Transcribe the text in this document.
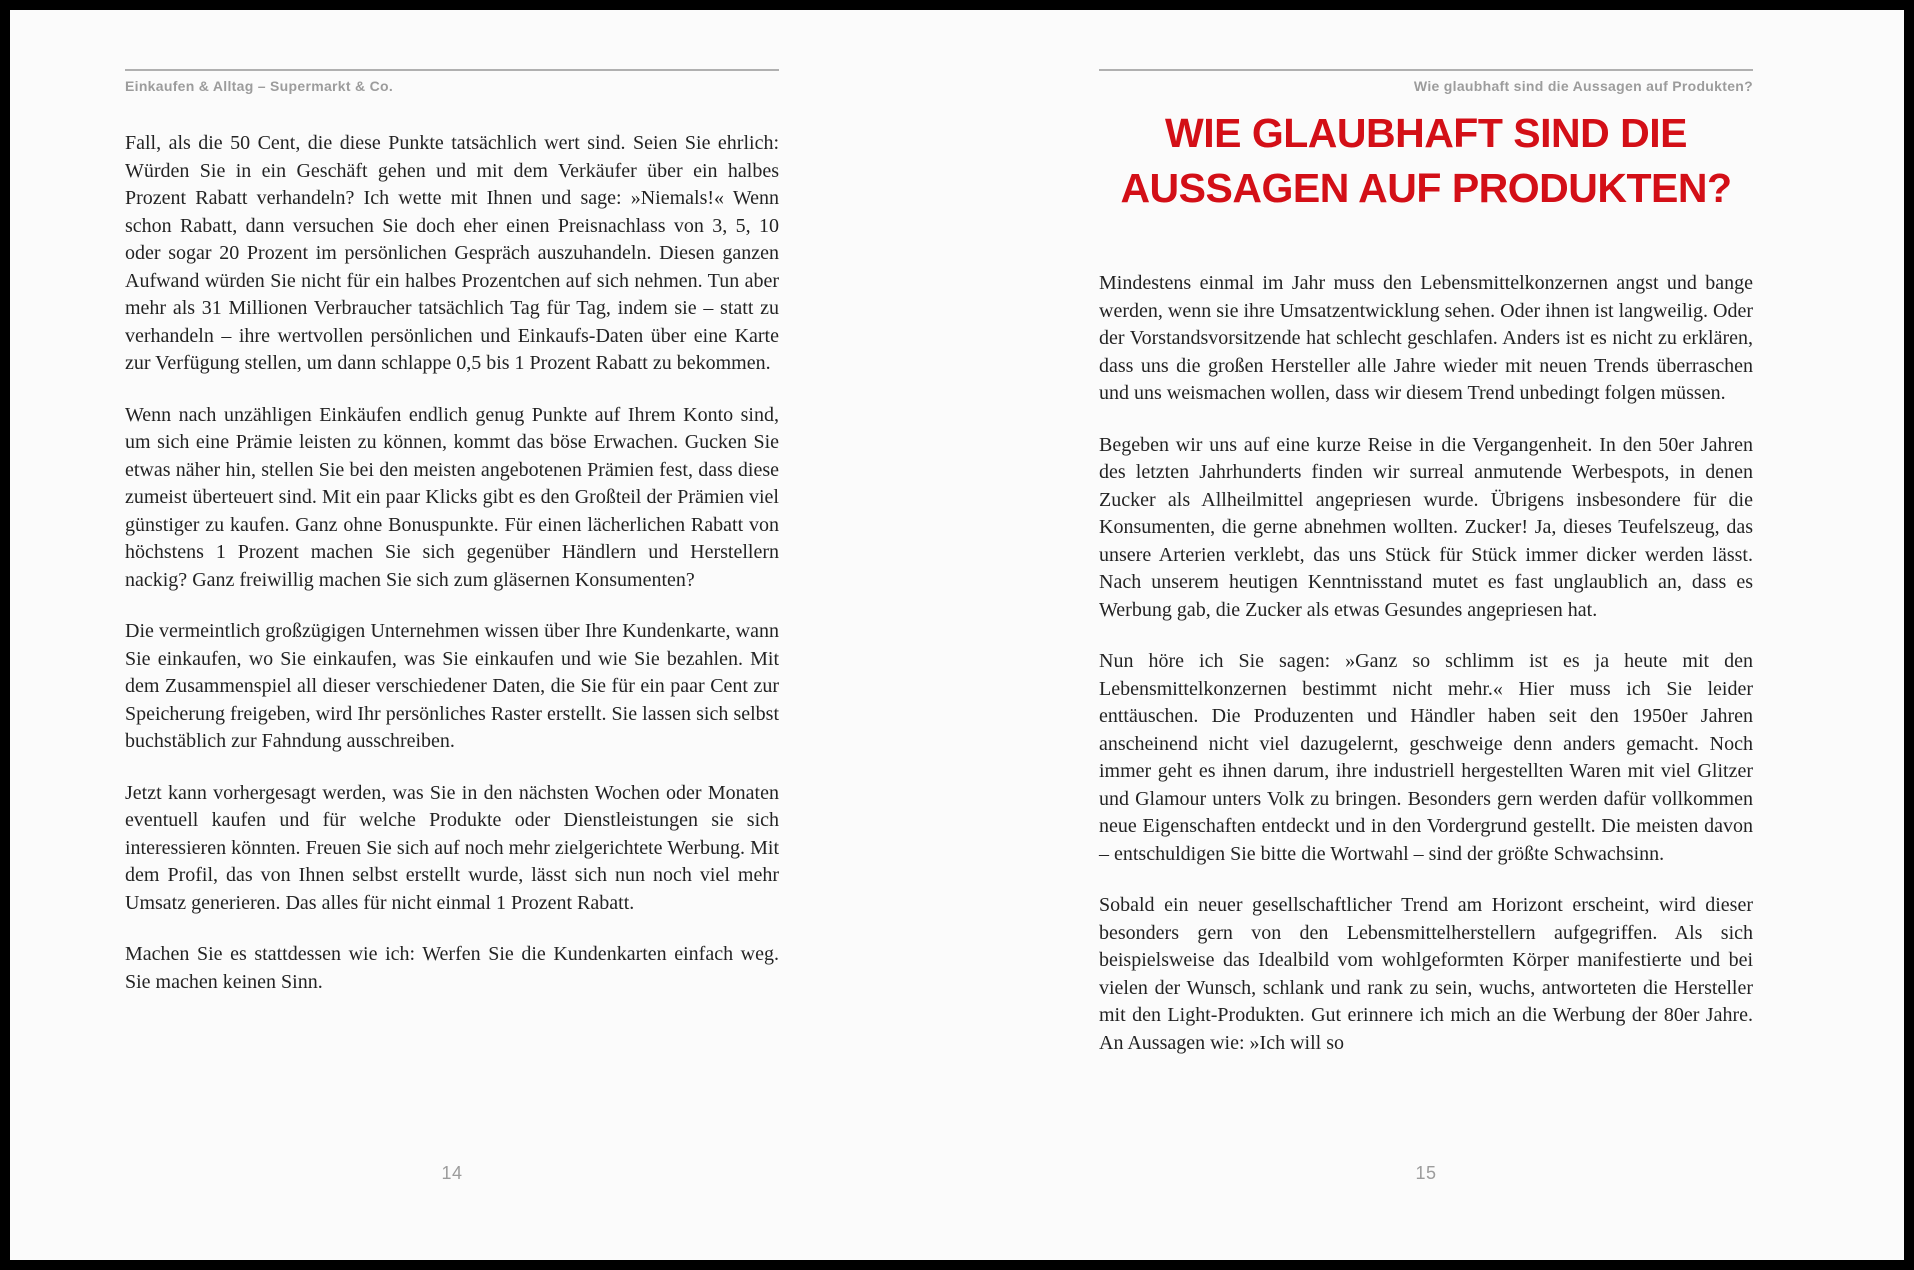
Einkaufen & Alltag – Supermarkt & Co.

Fall, als die 50 Cent, die diese Punkte tatsächlich wert sind. Seien Sie ehrlich: Würden Sie in ein Geschäft gehen und mit dem Verkäufer über ein halbes Prozent Rabatt verhandeln? Ich wette mit Ihnen und sage: »Niemals!« Wenn schon Rabatt, dann versuchen Sie doch eher einen Preisnachlass von 3, 5, 10 oder sogar 20 Prozent im persönlichen Gespräch auszuhandeln. Diesen ganzen Aufwand würden Sie nicht für ein halbes Prozentchen auf sich nehmen. Tun aber mehr als 31 Millionen Verbraucher tatsächlich Tag für Tag, indem sie – statt zu verhandeln – ihre wertvollen persönlichen und Einkaufs-Daten über eine Karte zur Verfügung stellen, um dann schlappe 0,5 bis 1 Prozent Rabatt zu bekommen.

Wenn nach unzähligen Einkäufen endlich genug Punkte auf Ihrem Konto sind, um sich eine Prämie leisten zu können, kommt das böse Erwachen. Gucken Sie etwas näher hin, stellen Sie bei den meisten angebotenen Prämien fest, dass diese zumeist überteuert sind. Mit ein paar Klicks gibt es den Großteil der Prämien viel günstiger zu kaufen. Ganz ohne Bonuspunkte. Für einen lächerlichen Rabatt von höchstens 1 Prozent machen Sie sich gegenüber Händlern und Herstellern nackig? Ganz freiwillig machen Sie sich zum gläsernen Konsumenten?

Die vermeintlich großzügigen Unternehmen wissen über Ihre Kundenkarte, wann Sie einkaufen, wo Sie einkaufen, was Sie einkaufen und wie Sie bezahlen. Mit dem Zusammenspiel all dieser verschiedener Daten, die Sie für ein paar Cent zur Speicherung freigeben, wird Ihr persönliches Raster erstellt. Sie lassen sich selbst buchstäblich zur Fahndung ausschreiben.

Jetzt kann vorhergesagt werden, was Sie in den nächsten Wochen oder Monaten eventuell kaufen und für welche Produkte oder Dienstleistungen sie sich interessieren könnten. Freuen Sie sich auf noch mehr zielgerichtete Werbung. Mit dem Profil, das von Ihnen selbst erstellt wurde, lässt sich nun noch viel mehr Umsatz generieren. Das alles für nicht einmal 1 Prozent Rabatt.

Machen Sie es stattdessen wie ich: Werfen Sie die Kundenkarten einfach weg. Sie machen keinen Sinn.

14
Wie glaubhaft sind die Aussagen auf Produkten?
WIE GLAUBHAFT SIND DIE
AUSSAGEN AUF PRODUKTEN?

Mindestens einmal im Jahr muss den Lebensmittelkonzernen angst und bange werden, wenn sie ihre Umsatzentwicklung sehen. Oder ihnen ist langweilig. Oder der Vorstandsvorsitzende hat schlecht geschlafen. Anders ist es nicht zu erklären, dass uns die großen Hersteller alle Jahre wieder mit neuen Trends überraschen und uns weismachen wollen, dass wir diesem Trend unbedingt folgen müssen.

Begeben wir uns auf eine kurze Reise in die Vergangenheit. In den 50er Jahren des letzten Jahrhunderts finden wir surreal anmutende Werbespots, in denen Zucker als Allheilmittel angepriesen wurde. Übrigens insbesondere für die Konsumenten, die gerne abnehmen wollten. Zucker! Ja, dieses Teufelszeug, das unsere Arterien verklebt, das uns Stück für Stück immer dicker werden lässt. Nach unserem heutigen Kenntnisstand mutet es fast unglaublich an, dass es Werbung gab, die Zucker als etwas Gesundes angepriesen hat.

Nun höre ich Sie sagen: »Ganz so schlimm ist es ja heute mit den Lebensmittelkonzernen bestimmt nicht mehr.« Hier muss ich Sie leider enttäuschen. Die Produzenten und Händler haben seit den 1950er Jahren anscheinend nicht viel dazugelernt, geschweige denn anders gemacht. Noch immer geht es ihnen darum, ihre industriell hergestellten Waren mit viel Glitzer und Glamour unters Volk zu bringen. Besonders gern werden dafür vollkommen neue Eigenschaften entdeckt und in den Vordergrund gestellt. Die meisten davon – entschuldigen Sie bitte die Wortwahl – sind der größte Schwachsinn.

Sobald ein neuer gesellschaftlicher Trend am Horizont erscheint, wird dieser besonders gern von den Lebensmittelherstellern aufgegriffen. Als sich beispielsweise das Idealbild vom wohlgeformten Körper manifestierte und bei vielen der Wunsch, schlank und rank zu sein, wuchs, antworteten die Hersteller mit den Light-Produkten. Gut erinnere ich mich an die Werbung der 80er Jahre. An Aussagen wie: »Ich will so

15
